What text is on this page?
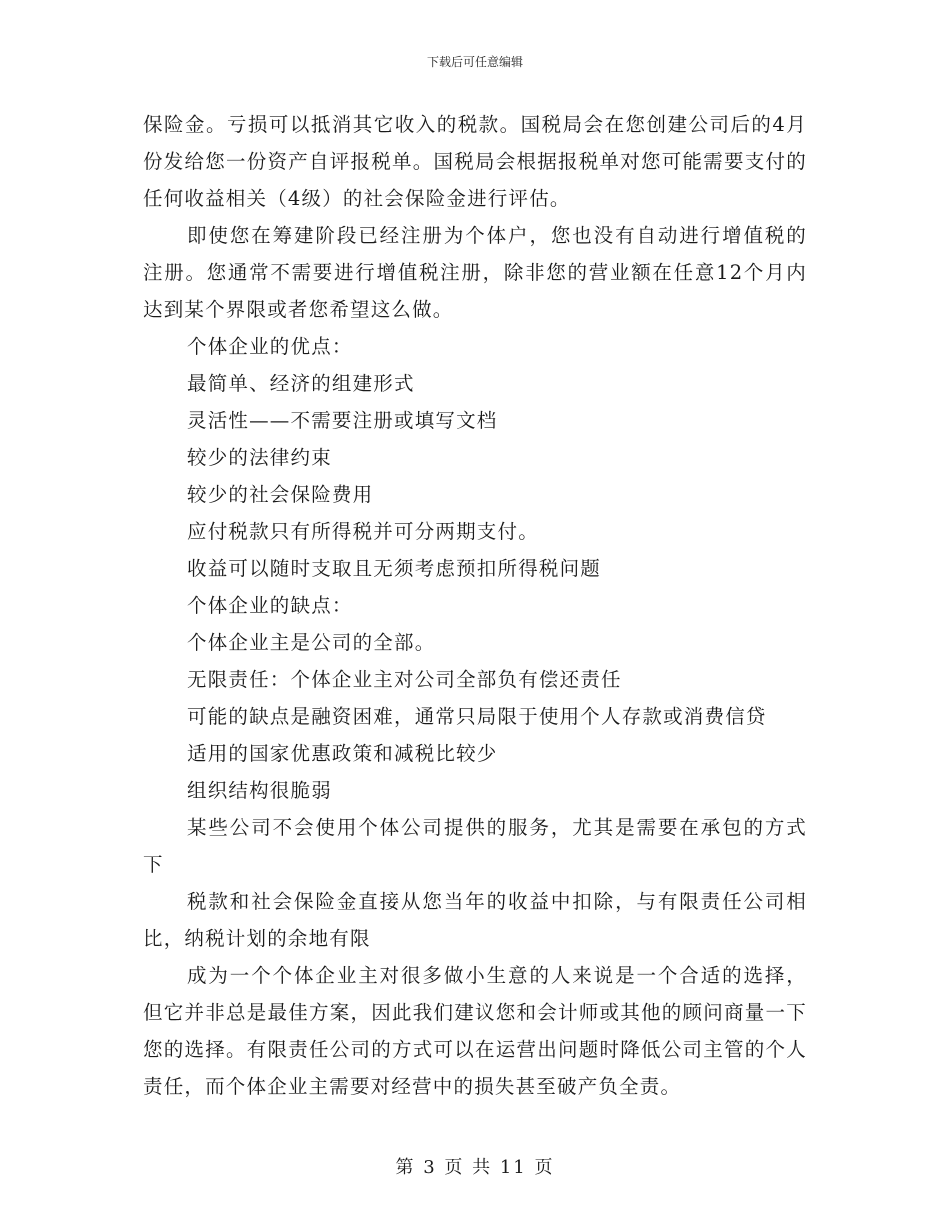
下载后可任意编辑

保险金。亏损可以抵消其它收入的税款。国税局会在您创建公司后的4月份发给您一份资产自评报税单。国税局会根据报税单对您可能需要支付的任何收益相关（4级）的社会保险金进行评估。

即使您在筹建阶段已经注册为个体户，您也没有自动进行增值税的注册。您通常不需要进行增值税注册，除非您的营业额在任意12个月内达到某个界限或者您希望这么做。

个体企业的优点：

最简单、经济的组建形式

灵活性——不需要注册或填写文档

较少的法律约束

较少的社会保险费用

应付税款只有所得税并可分两期支付。

收益可以随时支取且无须考虑预扣所得税问题

个体企业的缺点：

个体企业主是公司的全部。

无限责任：个体企业主对公司全部负有偿还责任

可能的缺点是融资困难，通常只局限于使用个人存款或消费信贷

适用的国家优惠政策和减税比较少

组织结构很脆弱

某些公司不会使用个体公司提供的服务，尤其是需要在承包的方式下

税款和社会保险金直接从您当年的收益中扣除，与有限责任公司相比，纳税计划的余地有限

成为一个个体企业主对很多做小生意的人来说是一个合适的选择，但它并非总是最佳方案，因此我们建议您和会计师或其他的顾问商量一下您的选择。有限责任公司的方式可以在运营出问题时降低公司主管的个人责任，而个体企业主需要对经营中的损失甚至破产负全责。

第 3 页 共 11 页
